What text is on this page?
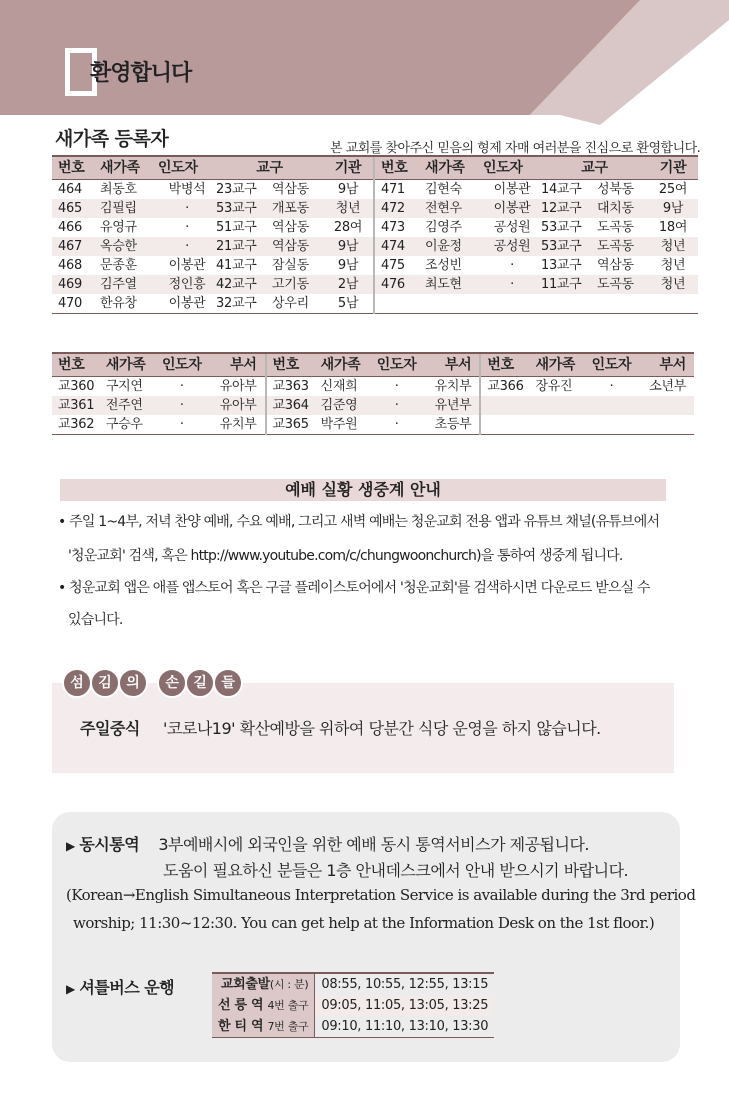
환영합니다
새가족 등록자	본 교회를 찾아주신 믿음의 형제 자매 여러분을 진심으로 환영합니다.
번호	새가족	인도자	교구		기관	번호	새가족	인도자	교구		기관
464	최동호	박병석	23교구	역삼동	9남	471	김현숙	이봉관	14교구	성북동	25여
465	김필립	·	53교구	개포동	청년	472	전현우	이봉관	12교구	대치동	9남
466	유영규	·	51교구	역삼동	28여	473	김영주	공성원	53교구	도곡동	18여
467	옥승한	·	21교구	역삼동	9남	474	이윤정	공성원	53교구	도곡동	청년
468	문종훈	이봉관	41교구	잠실동	9남	475	조성빈	·	13교구	역삼동	청년
469	김주열	정인흥	42교구	고기동	2남	476	최도현	·	11교구	도곡동	청년
470	한유창	이봉관	32교구	상우리	5남						
번호	새가족	인도자	부서	번호	새가족	인도자	부서	번호	새가족	인도자	부서
교360	구지연	·	유아부	교363	신재희	·	유치부	교366	장유진	·	소년부
교361	전주연	·	유아부	교364	김준영	·	유년부				
교362	구승우	·	유치부	교365	박주원	·	초등부				
예배 실황 생중계 안내
• 주일 1~4부, 저녁 찬양 예배, 수요 예배, 그리고 새벽 예배는 청운교회 전용 앱과 유튜브 채널(유튜브에서
'청운교회' 검색, 혹은 http://www.youtube.com/c/chungwoonchurch)을 통하여 생중계 됩니다.
• 청운교회 앱은 애플 앱스토어 혹은 구글 플레이스토어에서 '청운교회'를 검색하시면 다운로드 받으실 수
있습니다.
섬 김 의 손 길 들
주일중식 '코로나19' 확산예방을 위하여 당분간 식당 운영을 하지 않습니다.
▶ 동시통역 3부예배시에 외국인을 위한 예배 동시 통역서비스가 제공됩니다.
도움이 필요하신 분들은 1층 안내데스크에서 안내 받으시기 바랍니다.
(Korean→English Simultaneous Interpretation Service is available during the 3rd period
worship; 11:30~12:30. You can get help at the Information Desk on the 1st floor.)
▶ 셔틀버스 운행	교회출발(시 : 분)	08:55, 10:55, 12:55, 13:15
선 릉 역 4번 출구	09:05, 11:05, 13:05, 13:25
한 티 역 7번 출구	09:10, 11:10, 13:10, 13:30
